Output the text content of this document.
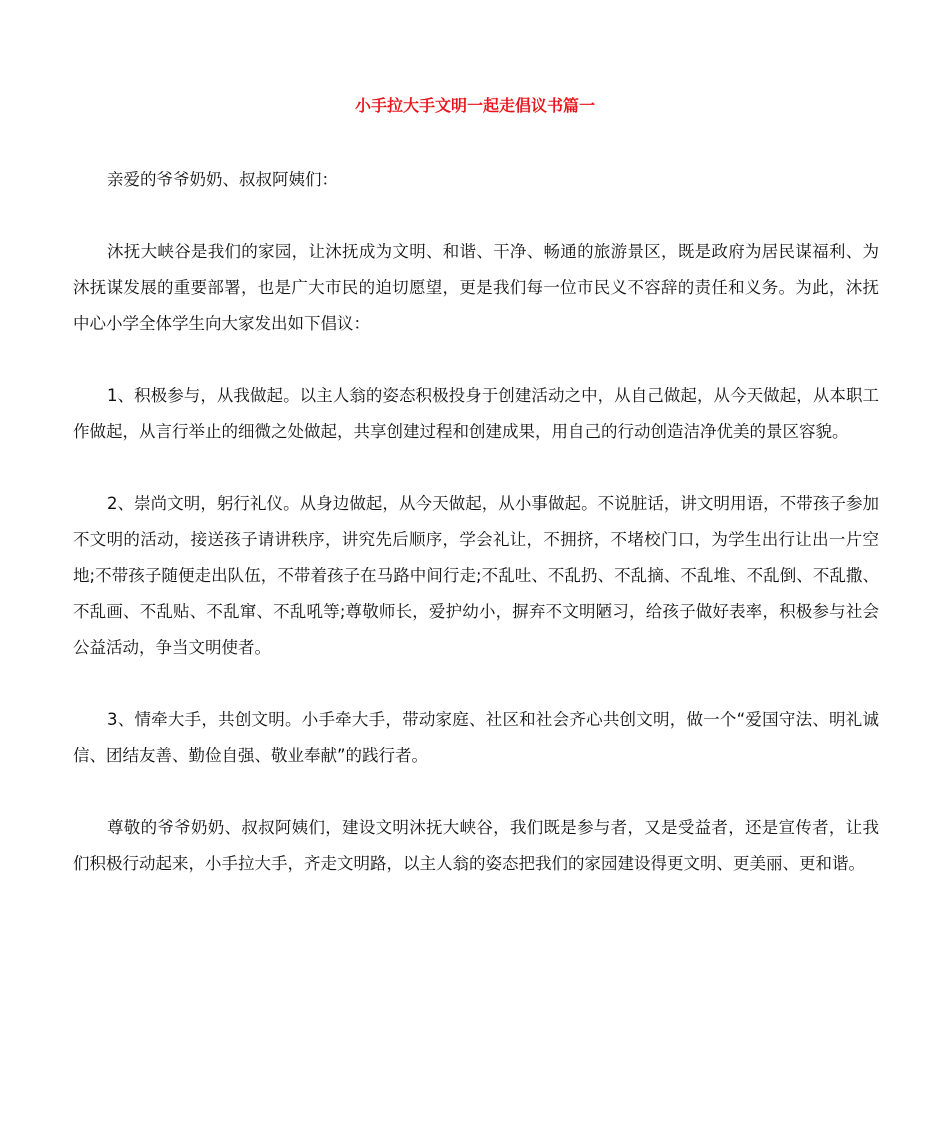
小手拉大手文明一起走倡议书篇一

亲爱的爷爷奶奶、叔叔阿姨们：

沐抚大峡谷是我们的家园，让沐抚成为文明、和谐、干净、畅通的旅游景区，既是政府为居民谋福利、为沐抚谋发展的重要部署，也是广大市民的迫切愿望，更是我们每一位市民义不容辞的责任和义务。为此，沐抚中心小学全体学生向大家发出如下倡议：

1、积极参与，从我做起。以主人翁的姿态积极投身于创建活动之中，从自己做起，从今天做起，从本职工作做起，从言行举止的细微之处做起，共享创建过程和创建成果，用自己的行动创造洁净优美的景区容貌。

2、崇尚文明，躬行礼仪。从身边做起，从今天做起，从小事做起。不说脏话，讲文明用语，不带孩子参加不文明的活动，接送孩子请讲秩序，讲究先后顺序，学会礼让，不拥挤，不堵校门口，为学生出行让出一片空地;不带孩子随便走出队伍，不带着孩子在马路中间行走;不乱吐、不乱扔、不乱摘、不乱堆、不乱倒、不乱撒、不乱画、不乱贴、不乱窜、不乱吼等;尊敬师长，爱护幼小，摒弃不文明陋习，给孩子做好表率，积极参与社会公益活动，争当文明使者。

3、情牵大手，共创文明。小手牵大手，带动家庭、社区和社会齐心共创文明，做一个“爱国守法、明礼诚信、团结友善、勤俭自强、敬业奉献”的践行者。

尊敬的爷爷奶奶、叔叔阿姨们，建设文明沐抚大峡谷，我们既是参与者，又是受益者，还是宣传者，让我们积极行动起来，小手拉大手，齐走文明路，以主人翁的姿态把我们的家园建设得更文明、更美丽、更和谐。
